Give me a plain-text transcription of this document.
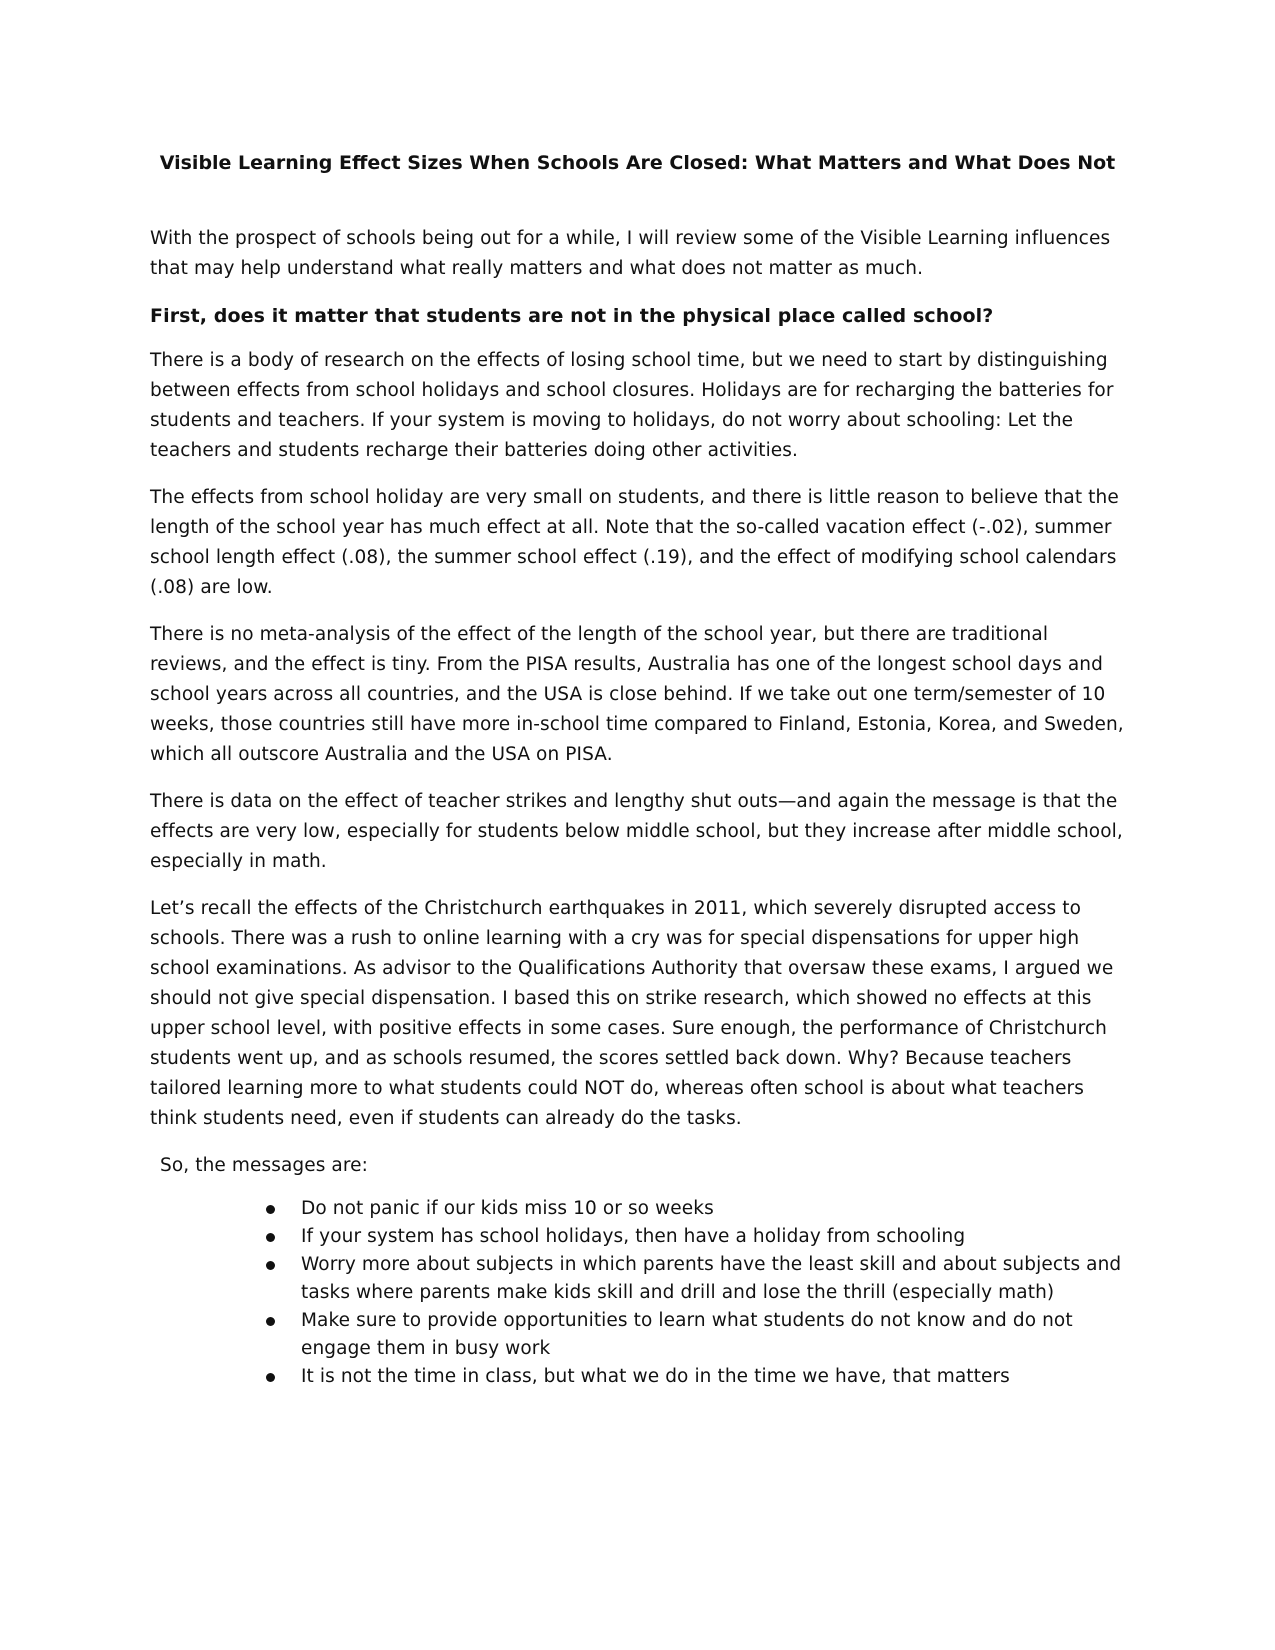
Visible Learning Effect Sizes When Schools Are Closed: What Matters and What Does Not

With the prospect of schools being out for a while, I will review some of the Visible Learning influences that may help understand what really matters and what does not matter as much.

First, does it matter that students are not in the physical place called school?

There is a body of research on the effects of losing school time, but we need to start by distinguishing between effects from school holidays and school closures. Holidays are for recharging the batteries for students and teachers. If your system is moving to holidays, do not worry about schooling: Let the teachers and students recharge their batteries doing other activities.

The effects from school holiday are very small on students, and there is little reason to believe that the length of the school year has much effect at all. Note that the so-called vacation effect (-.02), summer school length effect (.08), the summer school effect (.19), and the effect of modifying school calendars (.08) are low.

There is no meta-analysis of the effect of the length of the school year, but there are traditional reviews, and the effect is tiny. From the PISA results, Australia has one of the longest school days and school years across all countries, and the USA is close behind. If we take out one term/semester of 10 weeks, those countries still have more in-school time compared to Finland, Estonia, Korea, and Sweden, which all outscore Australia and the USA on PISA.

There is data on the effect of teacher strikes and lengthy shut outs—and again the message is that the effects are very low, especially for students below middle school, but they increase after middle school, especially in math.

Let’s recall the effects of the Christchurch earthquakes in 2011, which severely disrupted access to schools. There was a rush to online learning with a cry was for special dispensations for upper high school examinations. As advisor to the Qualifications Authority that oversaw these exams, I argued we should not give special dispensation. I based this on strike research, which showed no effects at this upper school level, with positive effects in some cases. Sure enough, the performance of Christchurch students went up, and as schools resumed, the scores settled back down. Why? Because teachers tailored learning more to what students could NOT do, whereas often school is about what teachers think students need, even if students can already do the tasks.

So, the messages are:

Do not panic if our kids miss 10 or so weeks
If your system has school holidays, then have a holiday from schooling
Worry more about subjects in which parents have the least skill and about subjects and tasks where parents make kids skill and drill and lose the thrill (especially math)
Make sure to provide opportunities to learn what students do not know and do not engage them in busy work
It is not the time in class, but what we do in the time we have, that matters
